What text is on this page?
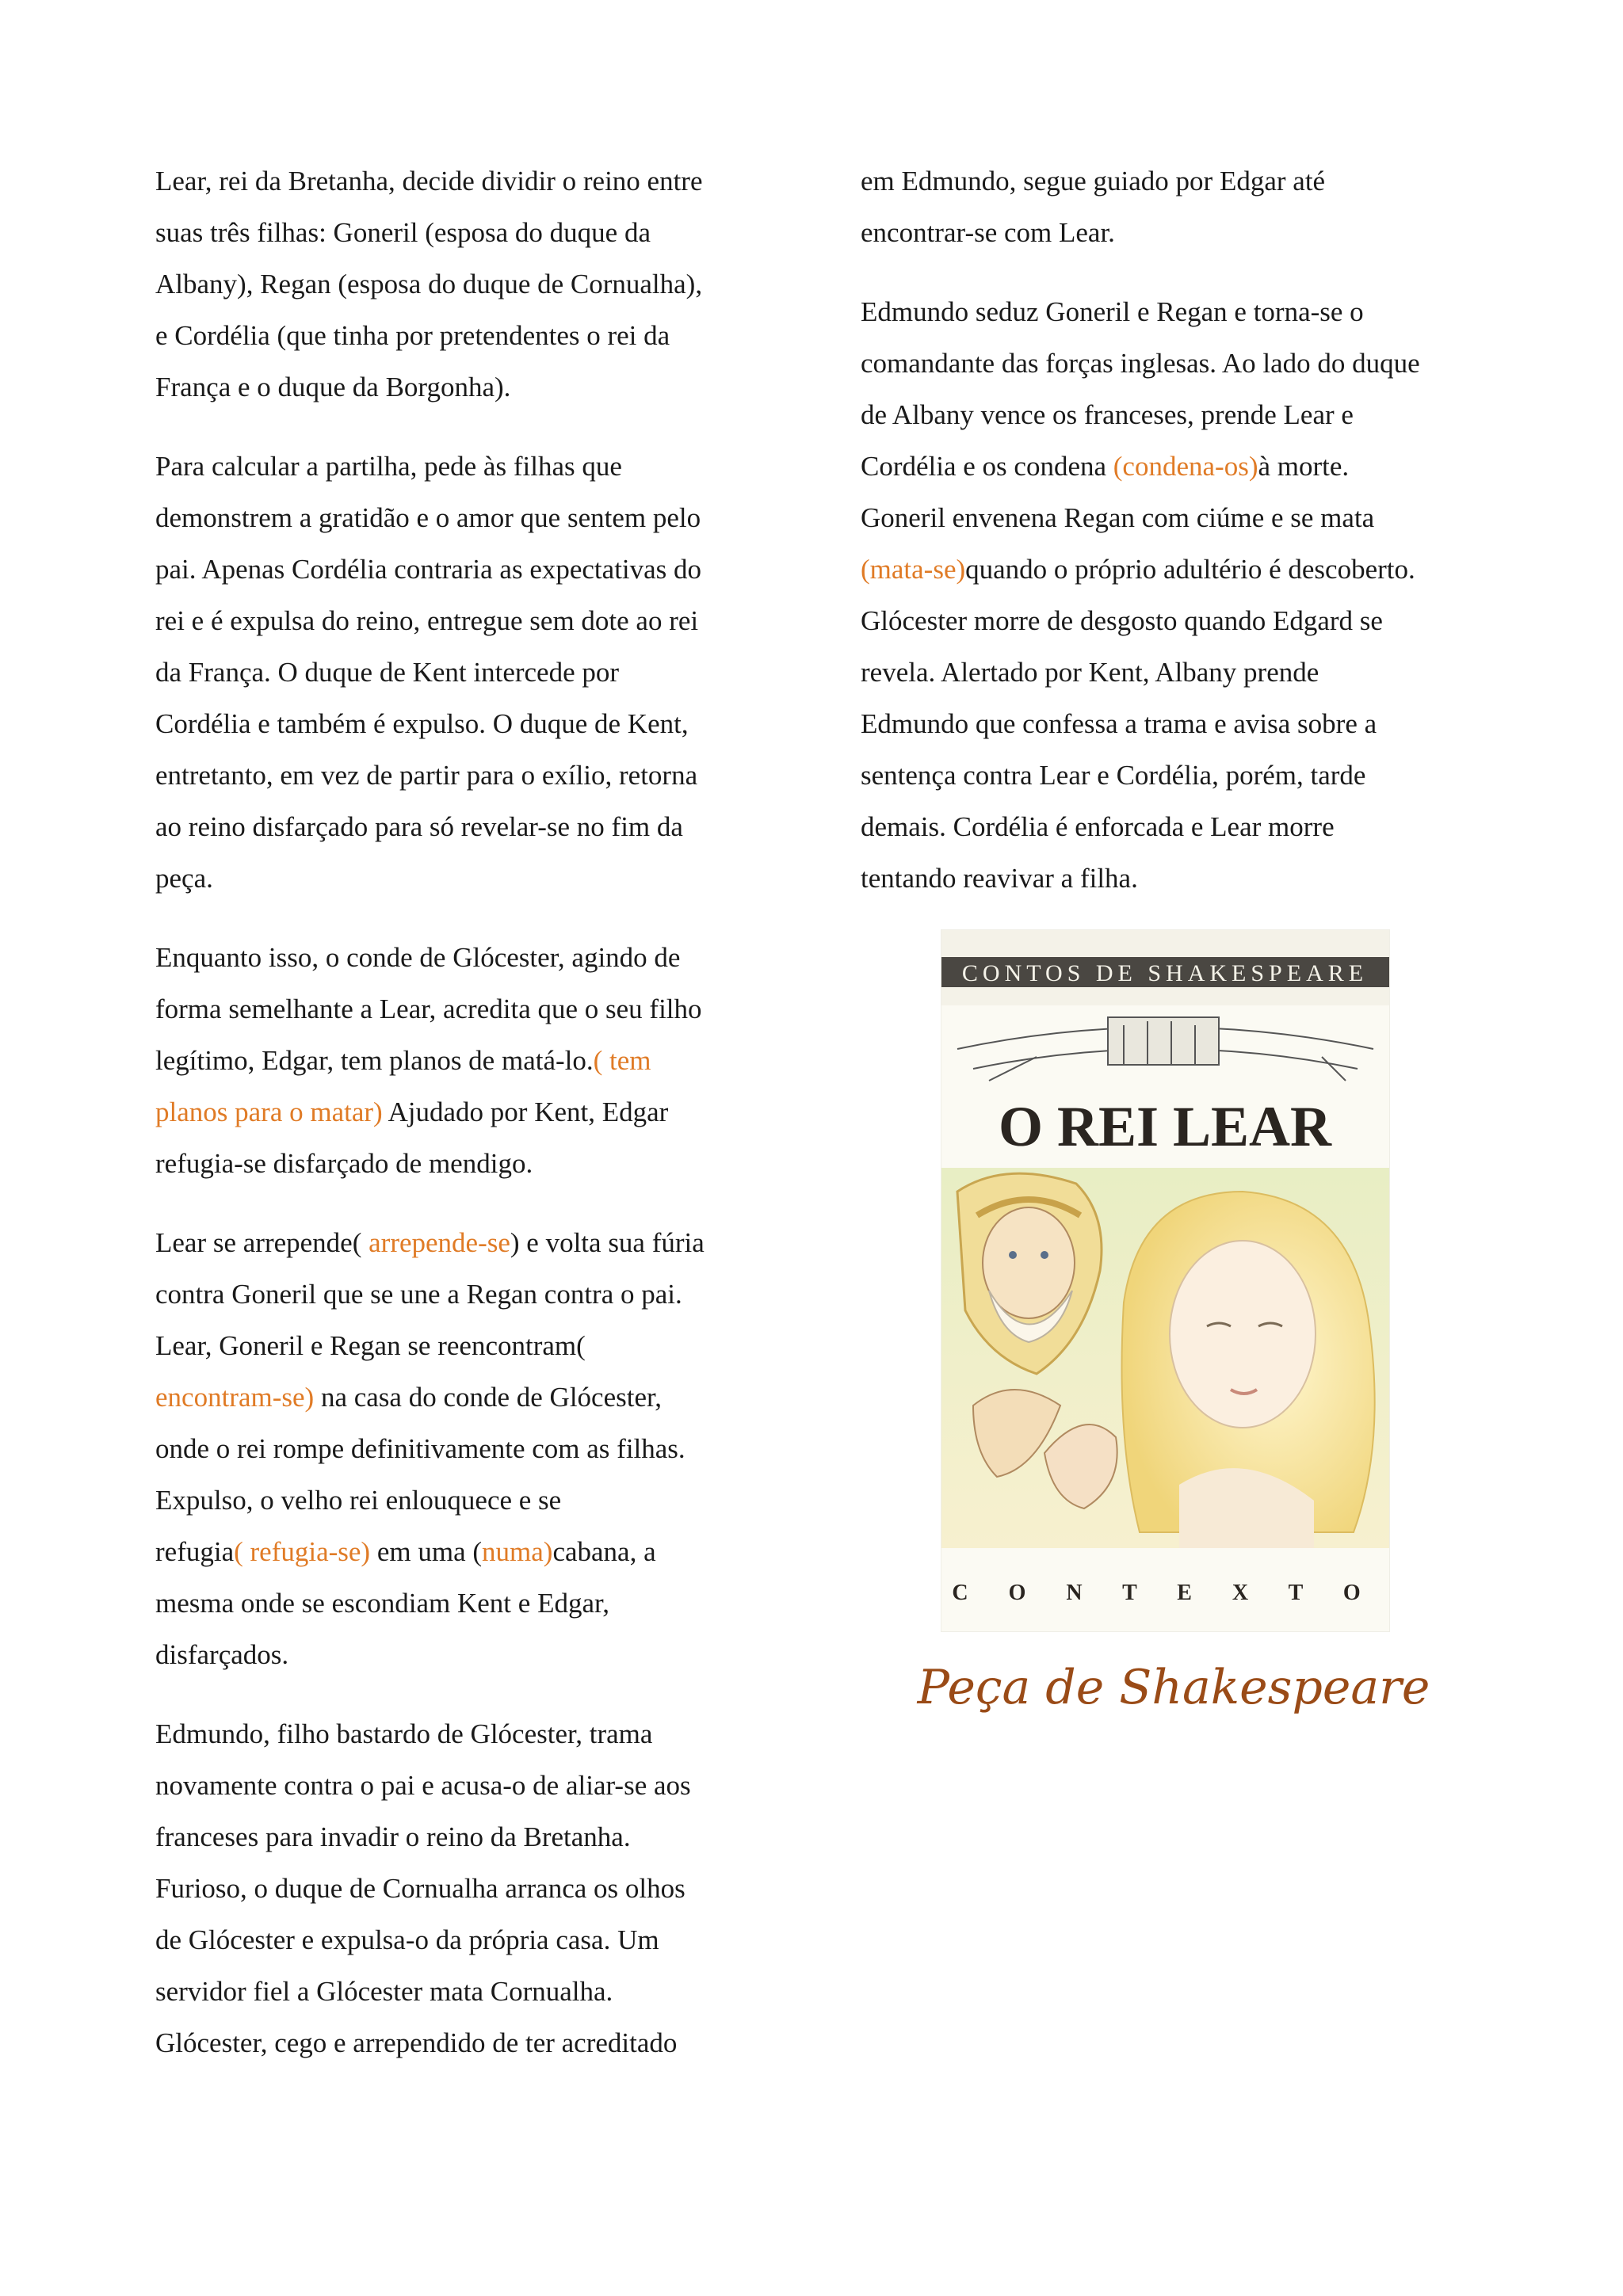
Lear, rei da Bretanha, decide dividir o reino entre
suas três filhas: Goneril (esposa do duque da
Albany), Regan (esposa do duque de Cornualha),
e Cordélia (que tinha por pretendentes o rei da
França e o duque da Borgonha).

Para calcular a partilha, pede às filhas que
demonstrem a gratidão e o amor que sentem pelo
pai. Apenas Cordélia contraria as expectativas do
rei e é expulsa do reino, entregue sem dote ao rei
da França. O duque de Kent intercede por
Cordélia e também é expulso. O duque de Kent,
entretanto, em vez de partir para o exílio, retorna
ao reino disfarçado para só revelar-se no fim da
peça.

Enquanto isso, o conde de Glócester, agindo de
forma semelhante a Lear, acredita que o seu filho
legítimo, Edgar, tem planos de matá-lo.( tem
planos para o matar) Ajudado por Kent, Edgar
refugia-se disfarçado de mendigo.

Lear se arrepende( arrepende-se) e volta sua fúria
contra Goneril que se une a Regan contra o pai.
Lear, Goneril e Regan se reencontram(
encontram-se) na casa do conde de Glócester,
onde o rei rompe definitivamente com as filhas.
Expulso, o velho rei enlouquece e se
refugia( refugia-se) em uma (numa)cabana, a
mesma onde se escondiam Kent e Edgar,
disfarçados.

Edmundo, filho bastardo de Glócester, trama
novamente contra o pai e acusa-o de aliar-se aos
franceses para invadir o reino da Bretanha.
Furioso, o duque de Cornualha arranca os olhos
de Glócester e expulsa-o da própria casa. Um
servidor fiel a Glócester mata Cornualha.
Glócester, cego e arrependido de ter acreditado

em Edmundo, segue guiado por Edgar até
encontrar-se com Lear.

Edmundo seduz Goneril e Regan e torna-se o
comandante das forças inglesas. Ao lado do duque
de Albany vence os franceses, prende Lear e
Cordélia e os condena (condena-os)à morte.
Goneril envenena Regan com ciúme e se mata
(mata-se)quando o próprio adultério é descoberto.
Glócester morre de desgosto quando Edgard se
revela. Alertado por Kent, Albany prende
Edmundo que confessa a trama e avisa sobre a
sentença contra Lear e Cordélia, porém, tarde
demais. Cordélia é enforcada e Lear morre
tentando reavivar a filha.

CONTOS DE SHAKESPEARE
O REI LEAR
C O N T E X T O
Peça de Shakespeare
